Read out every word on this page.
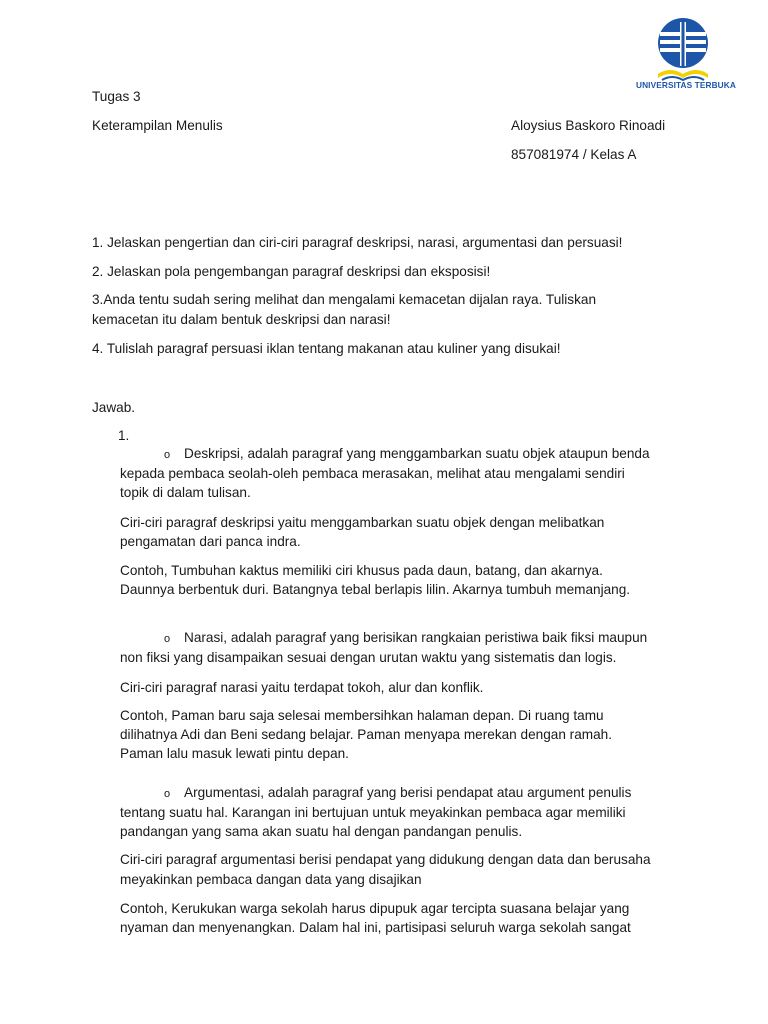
UNIVERSITAS TERBUKA
Tugas 3
Keterampilan Menulis	Aloysius Baskoro Rinoadi
857081974 / Kelas A
1. Jelaskan pengertian dan ciri-ciri paragraf deskripsi, narasi, argumentasi dan persuasi!
2. Jelaskan pola pengembangan paragraf deskripsi dan eksposisi!
3.Anda tentu sudah sering melihat dan mengalami kemacetan dijalan raya. Tuliskan
kemacetan itu dalam bentuk deskripsi dan narasi!
4. Tulislah paragraf persuasi iklan tentang makanan atau kuliner yang disukai!
Jawab.
1.
o Deskripsi, adalah paragraf yang menggambarkan suatu objek ataupun benda
kepada pembaca seolah-oleh pembaca merasakan, melihat atau mengalami sendiri
topik di dalam tulisan.
Ciri-ciri paragraf deskripsi yaitu menggambarkan suatu objek dengan melibatkan
pengamatan dari panca indra.
Contoh, Tumbuhan kaktus memiliki ciri khusus pada daun, batang, dan akarnya.
Daunnya berbentuk duri. Batangnya tebal berlapis lilin. Akarnya tumbuh memanjang.
o Narasi, adalah paragraf yang berisikan rangkaian peristiwa baik fiksi maupun
non fiksi yang disampaikan sesuai dengan urutan waktu yang sistematis dan logis.
Ciri-ciri paragraf narasi yaitu terdapat tokoh, alur dan konflik.
Contoh, Paman baru saja selesai membersihkan halaman depan. Di ruang tamu
dilihatnya Adi dan Beni sedang belajar. Paman menyapa merekan dengan ramah.
Paman lalu masuk lewati pintu depan.
o Argumentasi, adalah paragraf yang berisi pendapat atau argument penulis
tentang suatu hal. Karangan ini bertujuan untuk meyakinkan pembaca agar memiliki
pandangan yang sama akan suatu hal dengan pandangan penulis.
Ciri-ciri paragraf argumentasi berisi pendapat yang didukung dengan data dan berusaha
meyakinkan pembaca dangan data yang disajikan
Contoh, Kerukukan warga sekolah harus dipupuk agar tercipta suasana belajar yang
nyaman dan menyenangkan. Dalam hal ini, partisipasi seluruh warga sekolah sangat
